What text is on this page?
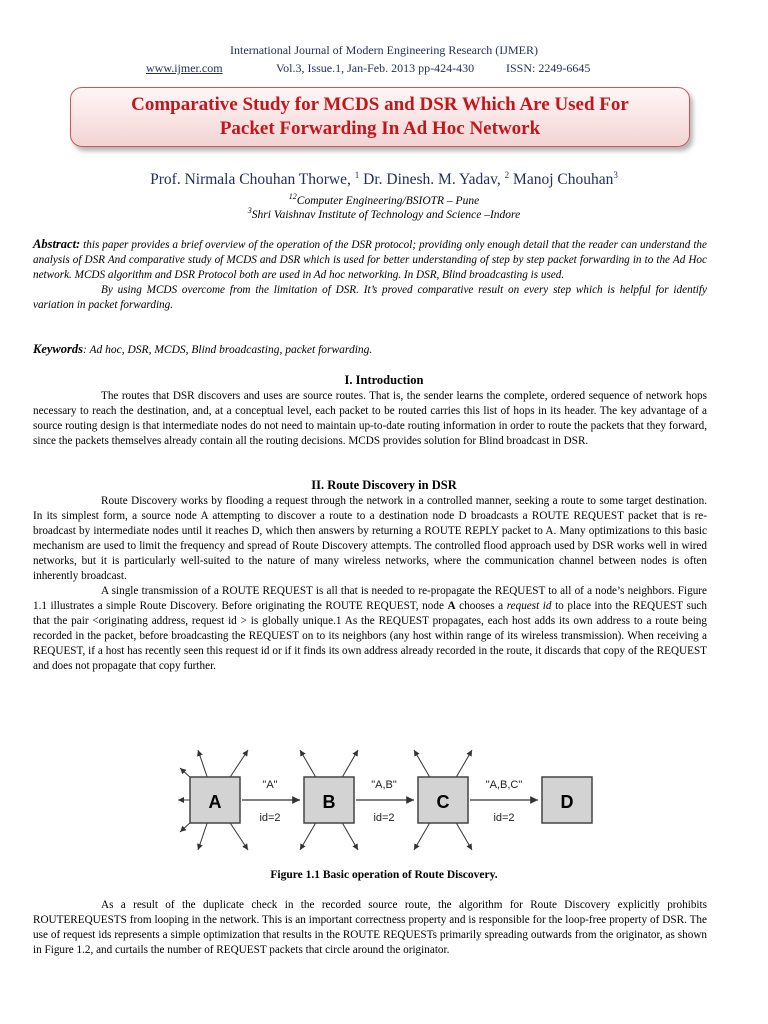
International Journal of Modern Engineering Research (IJMER)
www.ijmer.com	Vol.3, Issue.1, Jan-Feb. 2013 pp-424-430	ISSN: 2249-6645
Comparative Study for MCDS and DSR Which Are Used For
Packet Forwarding In Ad Hoc Network
Prof. Nirmala Chouhan Thorwe, $^1$ Dr. Dinesh. M. Yadav, $^2$ Manoj Chouhan$^3$
$^{12}$Computer Engineering/BSIOTR – Pune
$^3$Shri Vaishnav Institute of Technology and Science –Indore

Abstract: this paper provides a brief overview of the operation of the DSR protocol; providing only enough detail that the reader can understand the analysis of DSR And comparative study of MCDS and DSR which is used for better understanding of step by step packet forwarding in to the Ad Hoc network. MCDS algorithm and DSR Protocol both are used in Ad hoc networking. In DSR, Blind broadcasting is used.

By using MCDS overcome from the limitation of DSR. It’s proved comparative result on every step which is helpful for identify variation in packet forwarding.

Keywords: Ad hoc, DSR, MCDS, Blind broadcasting, packet forwarding.
I. Introduction

The routes that DSR discovers and uses are source routes. That is, the sender learns the complete, ordered sequence of network hops necessary to reach the destination, and, at a conceptual level, each packet to be routed carries this list of hops in its header. The key advantage of a source routing design is that intermediate nodes do not need to maintain up-to-date routing information in order to route the packets that they forward, since the packets themselves already contain all the routing decisions. MCDS provides solution for Blind broadcast in DSR.

II. Route Discovery in DSR

Route Discovery works by flooding a request through the network in a controlled manner, seeking a route to some target destination. In its simplest form, a source node A attempting to discover a route to a destination node D broadcasts a ROUTE REQUEST packet that is re-broadcast by intermediate nodes until it reaches D, which then answers by returning a ROUTE REPLY packet to A. Many optimizations to this basic mechanism are used to limit the frequency and spread of Route Discovery attempts. The controlled flood approach used by DSR works well in wired networks, but it is particularly well-suited to the nature of many wireless networks, where the communication channel between nodes is often inherently broadcast.

A single transmission of a ROUTE REQUEST is all that is needed to re-propagate the REQUEST to all of a node’s neighbors. Figure 1.1 illustrates a simple Route Discovery. Before originating the ROUTE REQUEST, node A chooses a request id to place into the REQUEST such that the pair <originating address, request id > is globally unique.1 As the REQUEST propagates, each host adds its own address to a route being recorded in the packet, before broadcasting the REQUEST on to its neighbors (any host within range of its wireless transmission). When receiving a REQUEST, if a host has recently seen this request id or if it finds its own address already recorded in the route, it discards that copy of the REQUEST and does not propagate that copy further.

A	B	C	D
"A"	"A,B"	"A,B,C"
id=2	id=2	id=2
Figure 1.1 Basic operation of Route Discovery.

As a result of the duplicate check in the recorded source route, the algorithm for Route Discovery explicitly prohibits ROUTEREQUESTS from looping in the network. This is an important correctness property and is responsible for the loop-free property of DSR. The use of request ids represents a simple optimization that results in the ROUTE REQUESTs primarily spreading outwards from the originator, as shown in Figure 1.2, and curtails the number of REQUEST packets that circle around the originator.
